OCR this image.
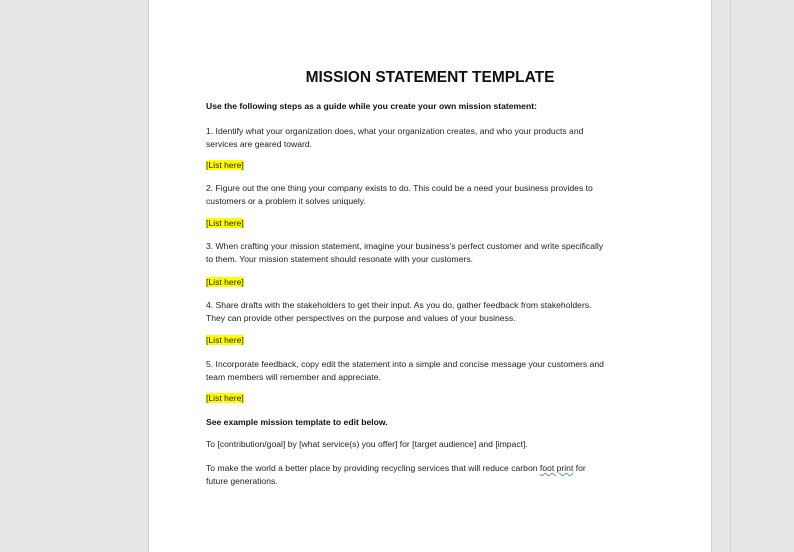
MISSION STATEMENT TEMPLATE
Use the following steps as a guide while you create your own mission statement:
1. Identify what your organization does, what your organization creates, and who your products and services are geared toward.
[List here]
2. Figure out the one thing your company exists to do. This could be a need your business provides to customers or a problem it solves uniquely.
[List here]
3. When crafting your mission statement, imagine your business's perfect customer and write specifically to them. Your mission statement should resonate with your customers.
[List here]
4. Share drafts with the stakeholders to get their input. As you do, gather feedback from stakeholders. They can provide other perspectives on the purpose and values of your business.
[List here]
5. Incorporate feedback, copy edit the statement into a simple and concise message your customers and team members will remember and appreciate.
[List here]
See example mission template to edit below.
To [contribution/goal] by [what service(s) you offer] for [target audience] and [impact].
To make the world a better place by providing recycling services that will reduce carbon foot print for future generations.
